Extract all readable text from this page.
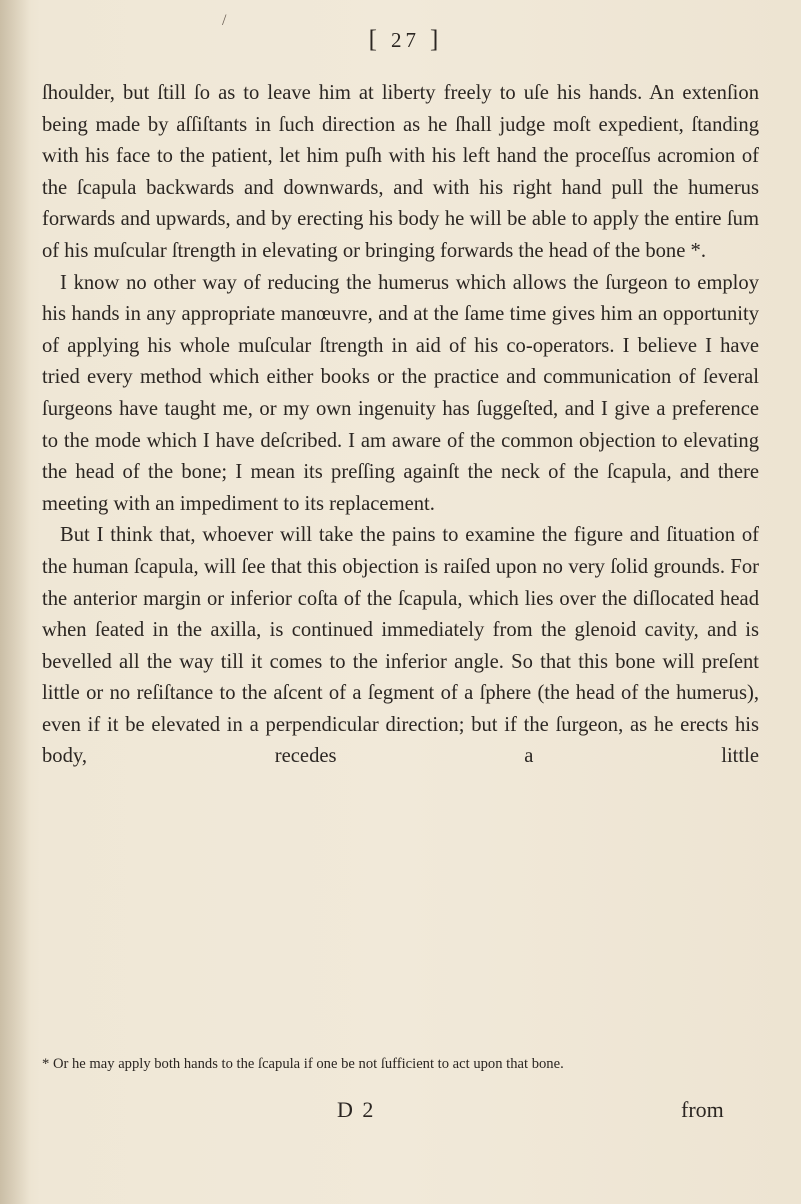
/
[ 27 ]

ſhoulder, but ſtill ſo as to leave him at liberty freely to uſe his hands. An extenſion being made by aſſiſtants in ſuch direction as he ſhall judge moſt expedient, ſtanding with his face to the patient, let him puſh with his left hand the proceſſus acromion of the ſcapula backwards and downwards, and with his right hand pull the humerus forwards and upwards, and by erecting his body he will be able to apply the entire ſum of his muſcular ſtrength in elevating or bringing forwards the head of the bone *.

I know no other way of reducing the humerus which allows the ſurgeon to employ his hands in any appropriate manœuvre, and at the ſame time gives him an opportunity of applying his whole muſcular ſtrength in aid of his co-operators. I believe I have tried every method which either books or the practice and communication of ſeveral ſurgeons have taught me, or my own ingenuity has ſuggeſted, and I give a preference to the mode which I have deſcribed. I am aware of the common objection to elevating the head of the bone; I mean its preſſing againſt the neck of the ſcapula, and there meeting with an impediment to its replacement.

But I think that, whoever will take the pains to examine the figure and ſituation of the human ſcapula, will ſee that this objection is raiſed upon no very ſolid grounds. For the anterior margin or inferior coſta of the ſcapula, which lies over the diſlocated head when ſeated in the axilla, is continued immediately from the glenoid cavity, and is bevelled all the way till it comes to the inferior angle. So that this bone will preſent little or no reſiſtance to the aſcent of a ſegment of a ſphere (the head of the humerus), even if it be elevated in a perpendicular direction; but if the ſurgeon, as he erects his body, recedes a little

* Or he may apply both hands to the ſcapula if one be not ſufficient to act upon that bone.
D 2	from
